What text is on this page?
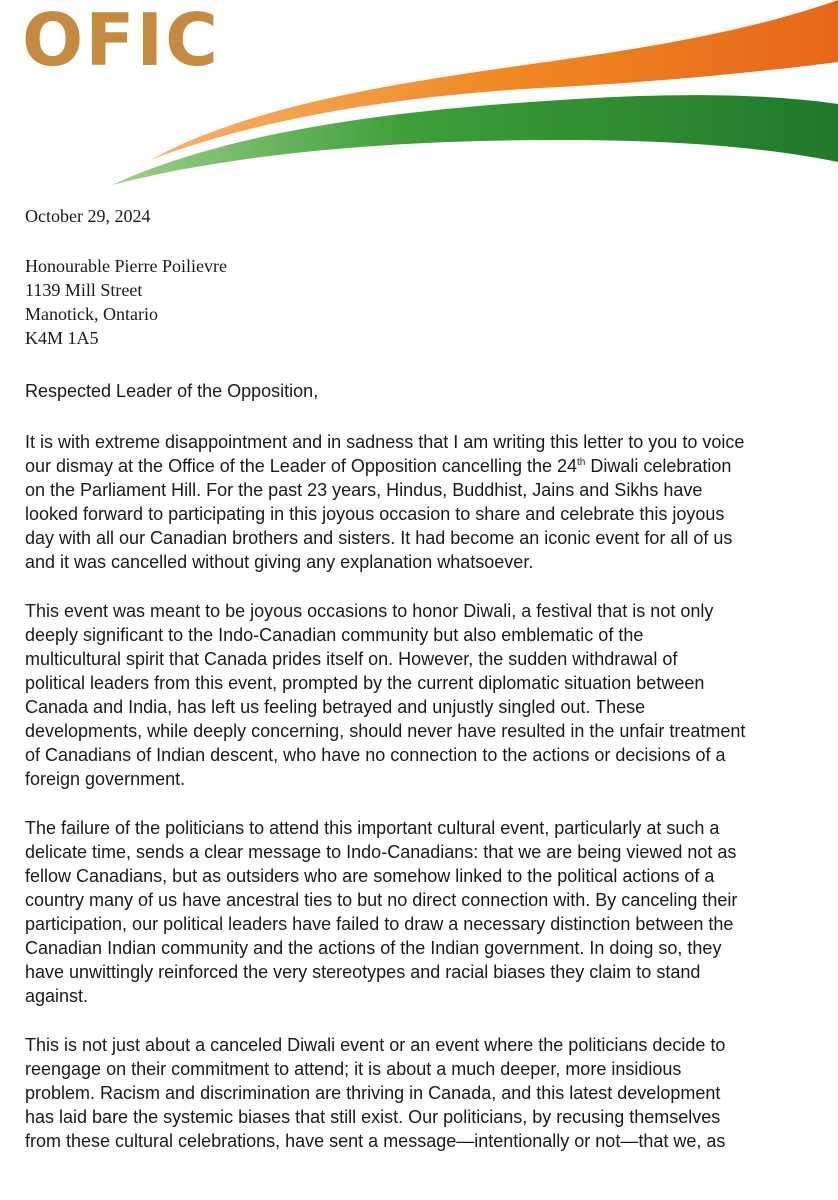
OFIC
October 29, 2024
Honourable Pierre Poilievre
1139 Mill Street
Manotick, Ontario
K4M 1A5
Respected Leader of the Opposition,
It is with extreme disappointment and in sadness that I am writing this letter to you to voice
our dismay at the Office of the Leader of Opposition cancelling the 24th Diwali celebration
on the Parliament Hill. For the past 23 years, Hindus, Buddhist, Jains and Sikhs have
looked forward to participating in this joyous occasion to share and celebrate this joyous
day with all our Canadian brothers and sisters. It had become an iconic event for all of us
and it was cancelled without giving any explanation whatsoever.
This event was meant to be joyous occasions to honor Diwali, a festival that is not only
deeply significant to the Indo-Canadian community but also emblematic of the
multicultural spirit that Canada prides itself on. However, the sudden withdrawal of
political leaders from this event, prompted by the current diplomatic situation between
Canada and India, has left us feeling betrayed and unjustly singled out. These
developments, while deeply concerning, should never have resulted in the unfair treatment
of Canadians of Indian descent, who have no connection to the actions or decisions of a
foreign government.
The failure of the politicians to attend this important cultural event, particularly at such a
delicate time, sends a clear message to Indo-Canadians: that we are being viewed not as
fellow Canadians, but as outsiders who are somehow linked to the political actions of a
country many of us have ancestral ties to but no direct connection with. By canceling their
participation, our political leaders have failed to draw a necessary distinction between the
Canadian Indian community and the actions of the Indian government. In doing so, they
have unwittingly reinforced the very stereotypes and racial biases they claim to stand
against.
This is not just about a canceled Diwali event or an event where the politicians decide to
reengage on their commitment to attend; it is about a much deeper, more insidious
problem. Racism and discrimination are thriving in Canada, and this latest development
has laid bare the systemic biases that still exist. Our politicians, by recusing themselves
from these cultural celebrations, have sent a message—intentionally or not—that we, as
